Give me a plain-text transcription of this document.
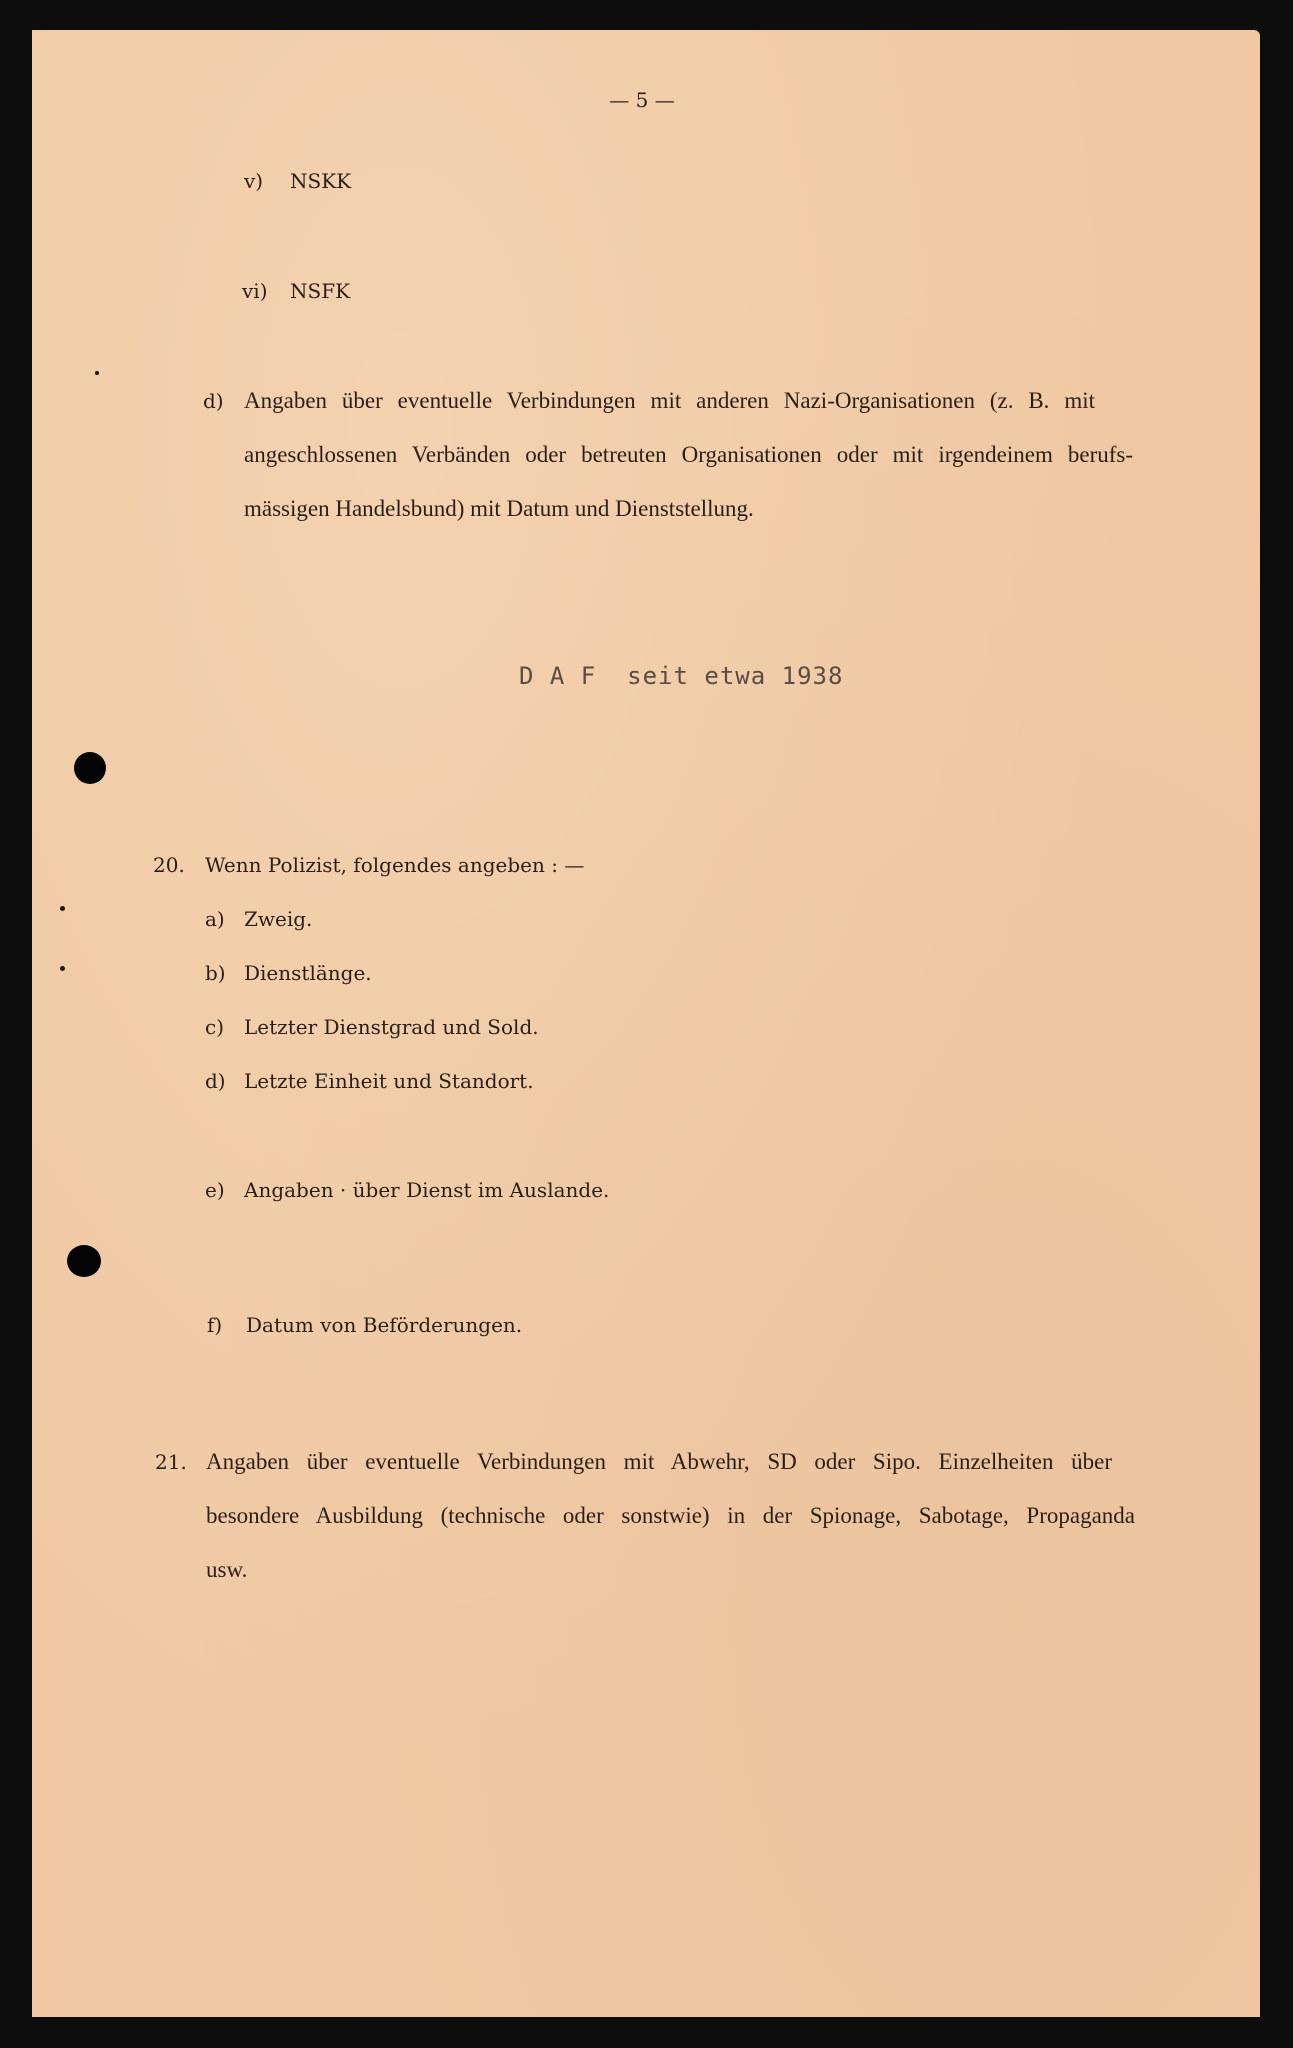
— 5 —
v) NSKK
vi) NSFK
d) Angaben über eventuelle Verbindungen mit anderen Nazi-Organisationen (z. B. mit
angeschlossenen Verbänden oder betreuten Organisationen oder mit irgendeinem berufs-
mässigen Handelsbund) mit Datum und Dienststellung.
D A F  seit etwa 1938
20. Wenn Polizist, folgendes angeben : —
a) Zweig.
b) Dienstlänge.
c) Letzter Dienstgrad und Sold.
d) Letzte Einheit und Standort.
e) Angaben · über Dienst im Auslande.
f) Datum von Beförderungen.
21. Angaben über eventuelle Verbindungen mit Abwehr, SD oder Sipo. Einzelheiten über
besondere Ausbildung (technische oder sonstwie) in der Spionage, Sabotage, Propaganda
usw.
